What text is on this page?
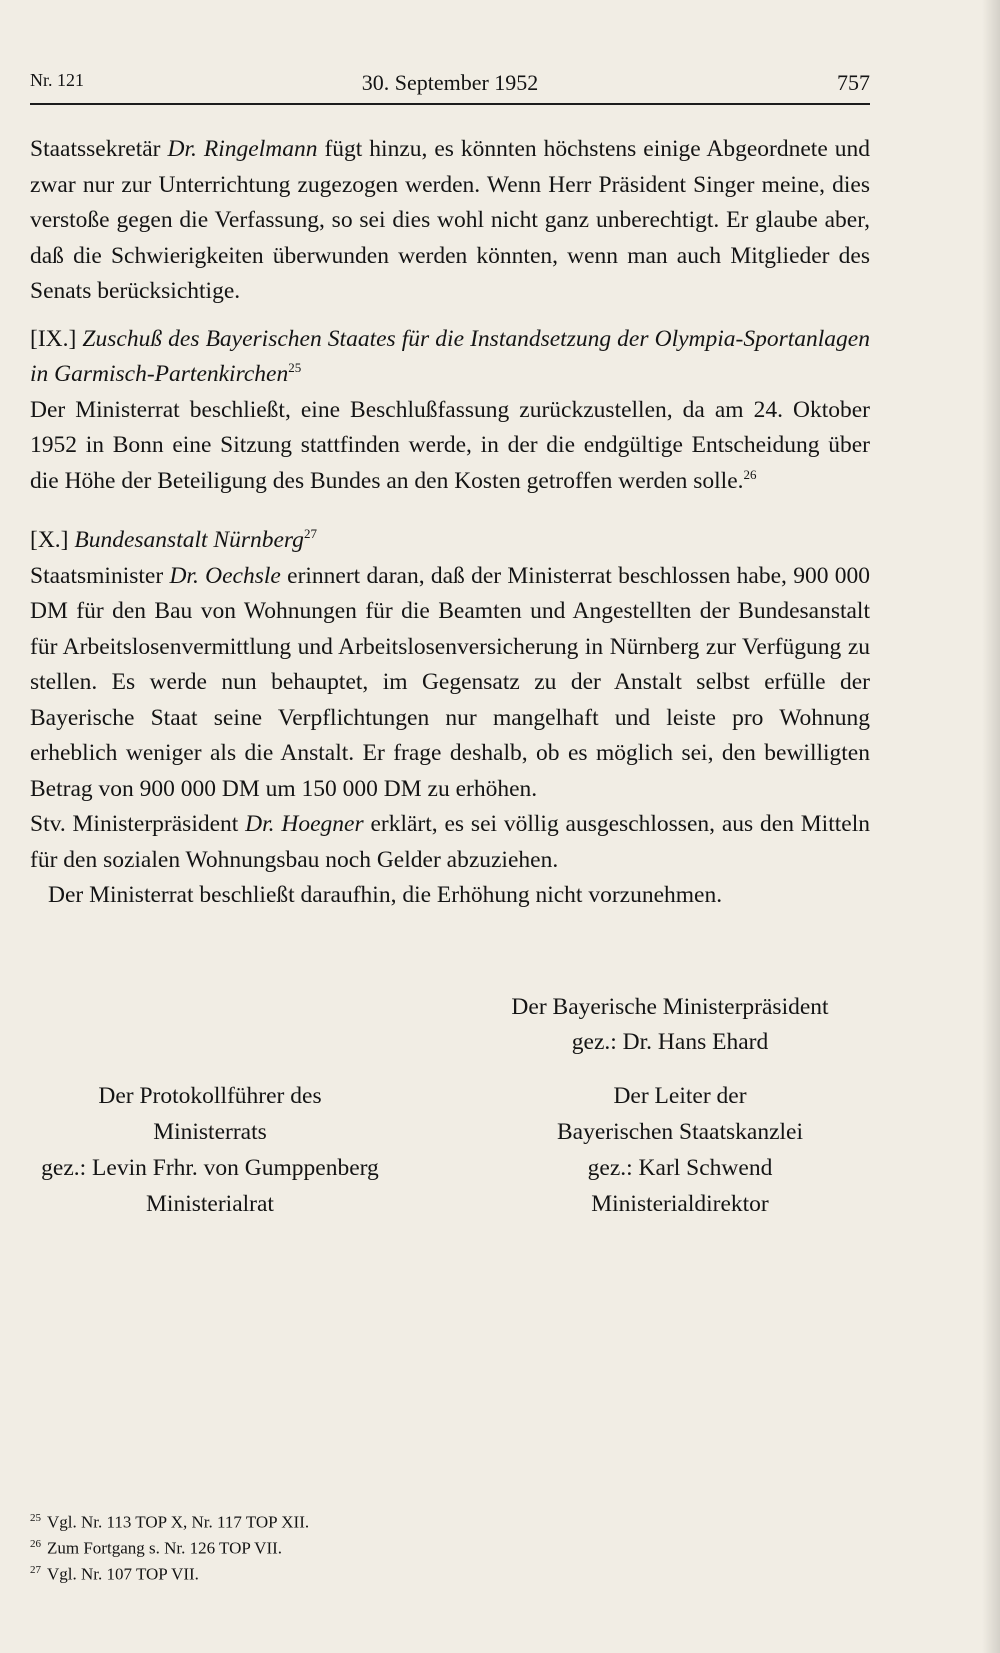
Nr. 121	30. September 1952	757

Staatssekretär Dr. Ringelmann fügt hinzu, es könnten höchstens einige Abgeordnete und zwar nur zur Unterrichtung zugezogen werden. Wenn Herr Präsident Singer meine, dies verstoße gegen die Verfassung, so sei dies wohl nicht ganz unberechtigt. Er glaube aber, daß die Schwierigkeiten überwunden werden könnten, wenn man auch Mitglieder des Senats berücksichtige.

[IX.] Zuschuß des Bayerischen Staates für die Instandsetzung der Olympia-Sportanlagen in Garmisch-Partenkirchen$^{25}$

Der Ministerrat beschließt, eine Beschlußfassung zurückzustellen, da am 24. Oktober 1952 in Bonn eine Sitzung stattfinden werde, in der die endgültige Entscheidung über die Höhe der Beteiligung des Bundes an den Kosten getroffen werden solle.$^{26}$

[X.] Bundesanstalt Nürnberg$^{27}$

Staatsminister Dr. Oechsle erinnert daran, daß der Ministerrat beschlossen habe, 900 000 DM für den Bau von Wohnungen für die Beamten und Angestellten der Bundesanstalt für Arbeitslosenvermittlung und Arbeitslosenversicherung in Nürnberg zur Verfügung zu stellen. Es werde nun behauptet, im Gegensatz zu der Anstalt selbst erfülle der Bayerische Staat seine Verpflichtungen nur mangelhaft und leiste pro Wohnung erheblich weniger als die Anstalt. Er frage deshalb, ob es möglich sei, den bewilligten Betrag von 900 000 DM um 150 000 DM zu erhöhen.

Stv. Ministerpräsident Dr. Hoegner erklärt, es sei völlig ausgeschlossen, aus den Mitteln für den sozialen Wohnungsbau noch Gelder abzuziehen.

Der Ministerrat beschließt daraufhin, die Erhöhung nicht vorzunehmen.

Der Bayerische Ministerpräsident
gez.: Dr. Hans Ehard
Der Protokollführer des
Ministerrats
gez.: Levin Frhr. von Gumppenberg
Ministerialrat
Der Leiter der
Bayerischen Staatskanzlei
gez.: Karl Schwend
Ministerialdirektor
$^{25}$ Vgl. Nr. 113 TOP X, Nr. 117 TOP XII.
$^{26}$ Zum Fortgang s. Nr. 126 TOP VII.
$^{27}$ Vgl. Nr. 107 TOP VII.
